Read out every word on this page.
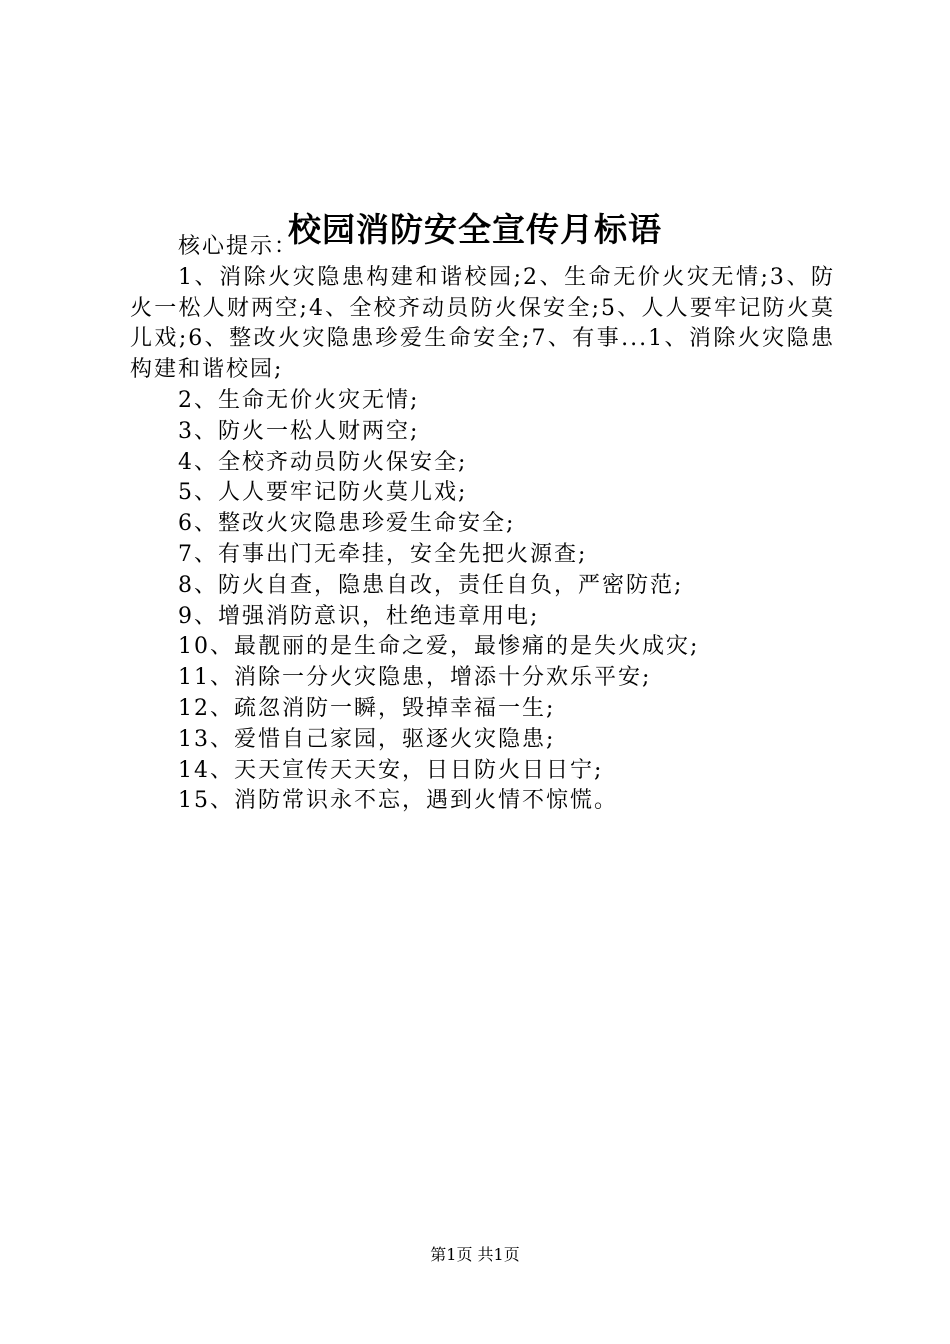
校园消防安全宣传月标语

核心提示：

1、消除火灾隐患构建和谐校园;2、生命无价火灾无情;3、防火一松人财两空;4、全校齐动员防火保安全;5、人人要牢记防火莫儿戏;6、整改火灾隐患珍爱生命安全;7、有事...1、消除火灾隐患构建和谐校园;

2、生命无价火灾无情;
3、防火一松人财两空;
4、全校齐动员防火保安全;
5、人人要牢记防火莫儿戏;
6、整改火灾隐患珍爱生命安全;
7、有事出门无牵挂，安全先把火源查;
8、防火自查，隐患自改，责任自负，严密防范;
9、增强消防意识，杜绝违章用电;
10、最靓丽的是生命之爱，最惨痛的是失火成灾;
11、消除一分火灾隐患，增添十分欢乐平安;
12、疏忽消防一瞬，毁掉幸福一生;
13、爱惜自己家园，驱逐火灾隐患;
14、天天宣传天天安，日日防火日日宁;
15、消防常识永不忘，遇到火情不惊慌。
第1页 共1页
